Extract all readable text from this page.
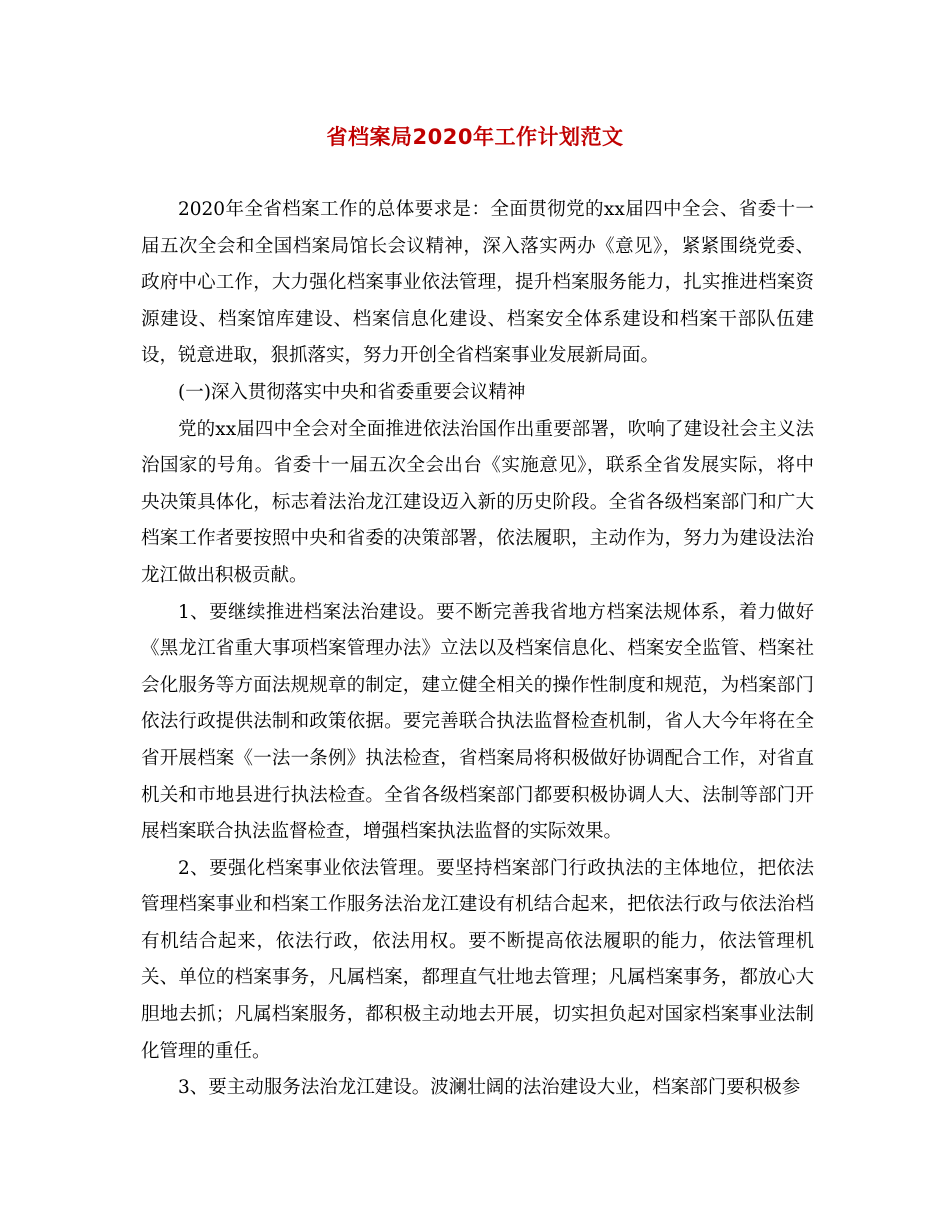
省档案局2020年工作计划范文

2020年全省档案工作的总体要求是：全面贯彻党的xx届四中全会、省委十一届五次全会和全国档案局馆长会议精神，深入落实两办《意见》，紧紧围绕党委、政府中心工作，大力强化档案事业依法管理，提升档案服务能力，扎实推进档案资源建设、档案馆库建设、档案信息化建设、档案安全体系建设和档案干部队伍建设，锐意进取，狠抓落实，努力开创全省档案事业发展新局面。

(一)深入贯彻落实中央和省委重要会议精神

党的xx届四中全会对全面推进依法治国作出重要部署，吹响了建设社会主义法治国家的号角。省委十一届五次全会出台《实施意见》，联系全省发展实际，将中央决策具体化，标志着法治龙江建设迈入新的历史阶段。全省各级档案部门和广大档案工作者要按照中央和省委的决策部署，依法履职，主动作为，努力为建设法治龙江做出积极贡献。

1、要继续推进档案法治建设。要不断完善我省地方档案法规体系，着力做好《黑龙江省重大事项档案管理办法》立法以及档案信息化、档案安全监管、档案社会化服务等方面法规规章的制定，建立健全相关的操作性制度和规范，为档案部门依法行政提供法制和政策依据。要完善联合执法监督检查机制，省人大今年将在全省开展档案《一法一条例》执法检查，省档案局将积极做好协调配合工作，对省直机关和市地县进行执法检查。全省各级档案部门都要积极协调人大、法制等部门开展档案联合执法监督检查，增强档案执法监督的实际效果。

2、要强化档案事业依法管理。要坚持档案部门行政执法的主体地位，把依法管理档案事业和档案工作服务法治龙江建设有机结合起来，把依法行政与依法治档有机结合起来，依法行政，依法用权。要不断提高依法履职的能力，依法管理机关、单位的档案事务，凡属档案，都理直气壮地去管理；凡属档案事务，都放心大胆地去抓；凡属档案服务，都积极主动地去开展，切实担负起对国家档案事业法制化管理的重任。

3、要主动服务法治龙江建设。波澜壮阔的法治建设大业，档案部门要积极参
